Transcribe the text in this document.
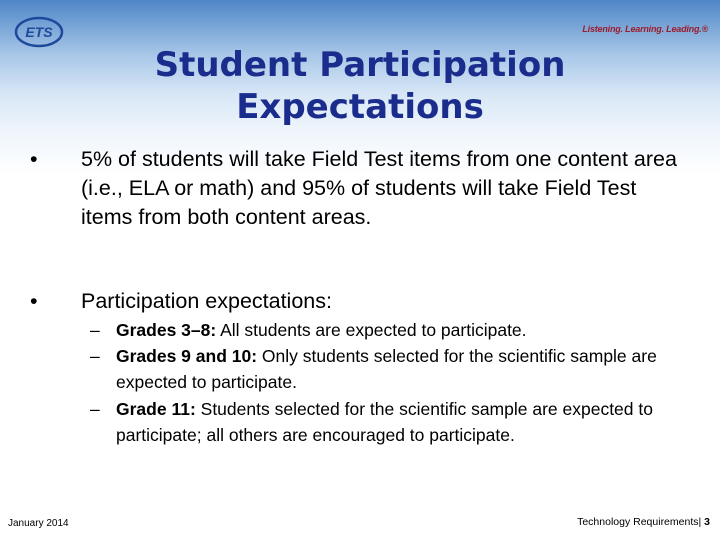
ETS	Listening. Learning. Leading.®
Student Participation
Expectations
• 5% of students will take Field Test items from one content area (i.e., ELA or math) and 95% of students will take Field Test items from both content areas.
• Participation expectations:
– Grades 3–8: All students are expected to participate.
– Grades 9 and 10: Only students selected for the scientific sample are expected to participate.
– Grade 11: Students selected for the scientific sample are expected to participate; all others are encouraged to participate.
January 2014	Technology Requirements| 3
